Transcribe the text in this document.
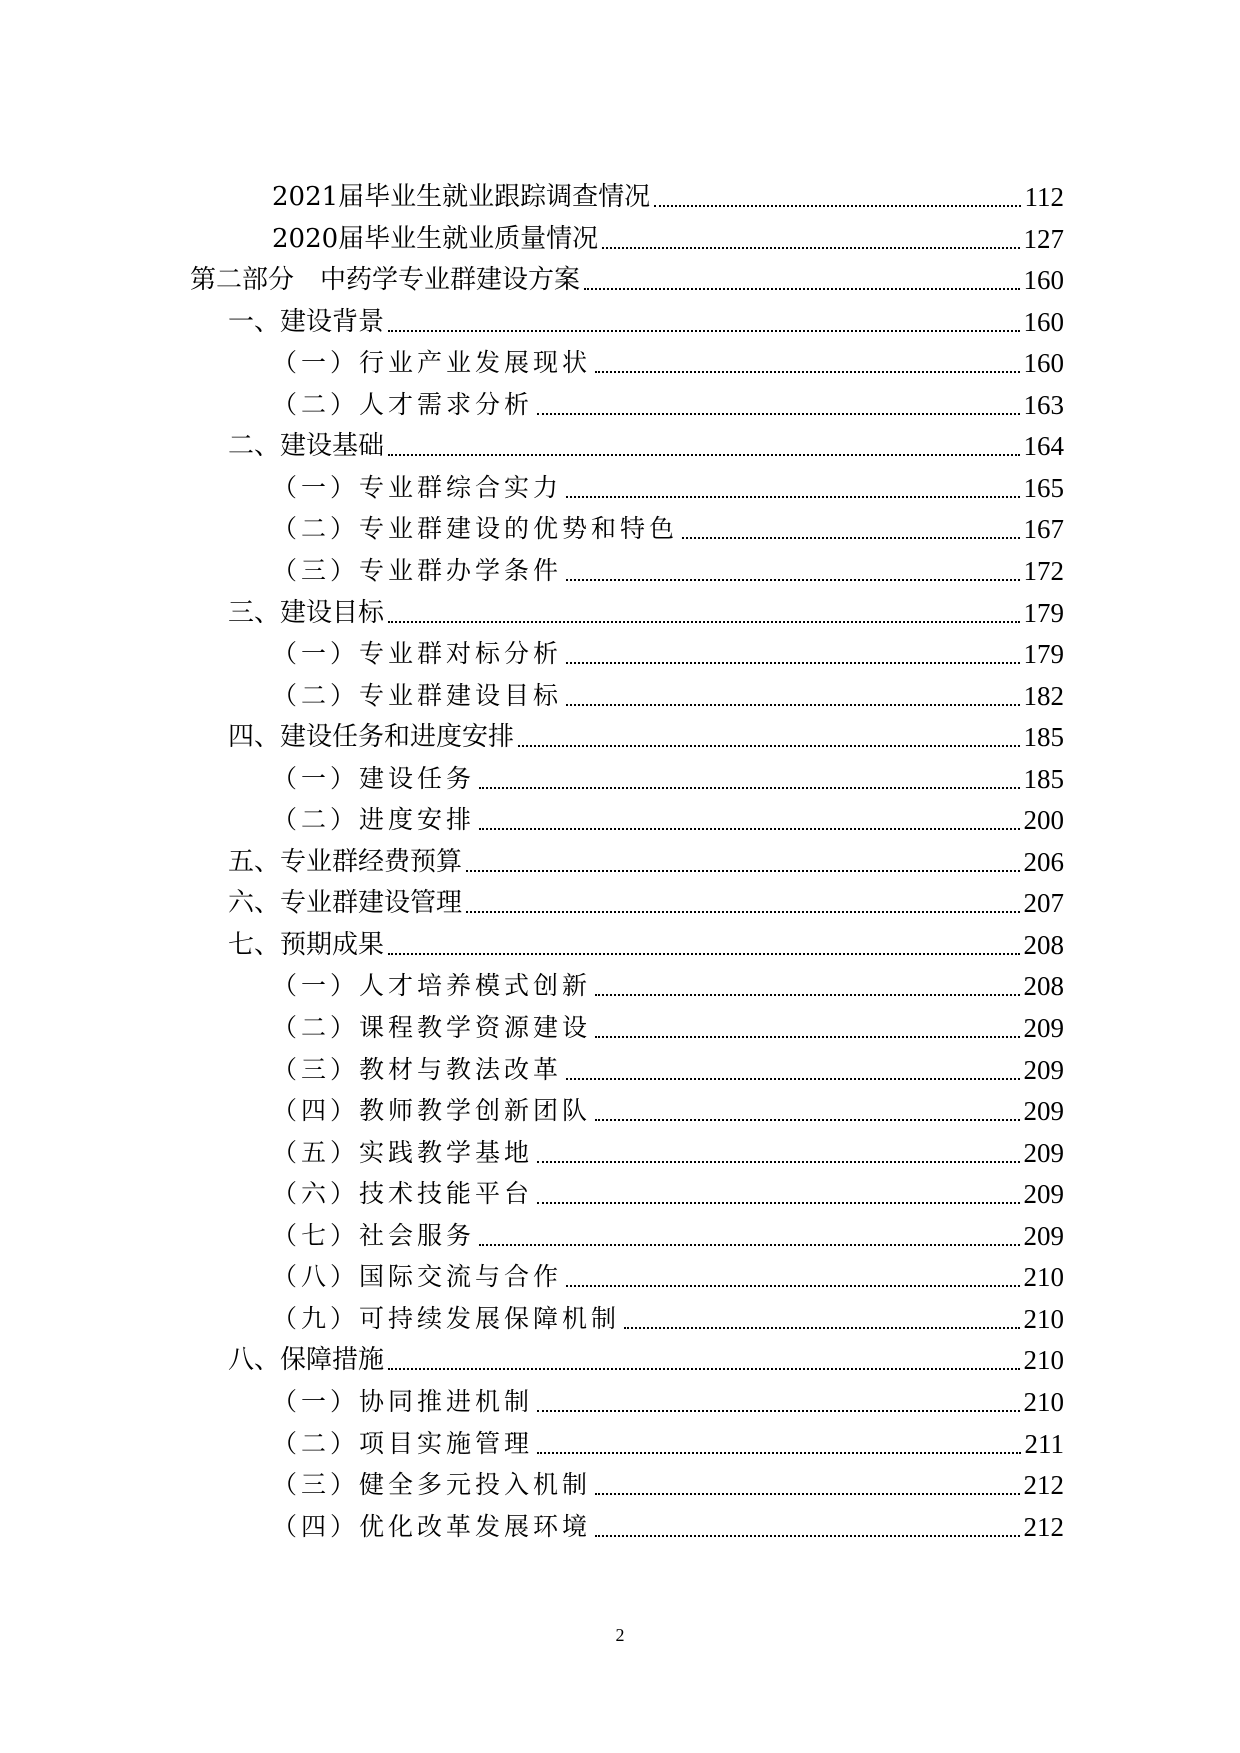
2021届毕业生就业跟踪调查情况	112
2020届毕业生就业质量情况	127
第二部分　中药学专业群建设方案	160
一、建设背景	160
（一）行业产业发展现状	160
（二）人才需求分析	163
二、建设基础	164
（一）专业群综合实力	165
（二）专业群建设的优势和特色	167
（三）专业群办学条件	172
三、建设目标	179
（一）专业群对标分析	179
（二）专业群建设目标	182
四、建设任务和进度安排	185
（一）建设任务	185
（二）进度安排	200
五、专业群经费预算	206
六、专业群建设管理	207
七、预期成果	208
（一）人才培养模式创新	208
（二）课程教学资源建设	209
（三）教材与教法改革	209
（四）教师教学创新团队	209
（五）实践教学基地	209
（六）技术技能平台	209
（七）社会服务	209
（八）国际交流与合作	210
（九）可持续发展保障机制	210
八、保障措施	210
（一）协同推进机制	210
（二）项目实施管理	211
（三）健全多元投入机制	212
（四）优化改革发展环境	212
2
